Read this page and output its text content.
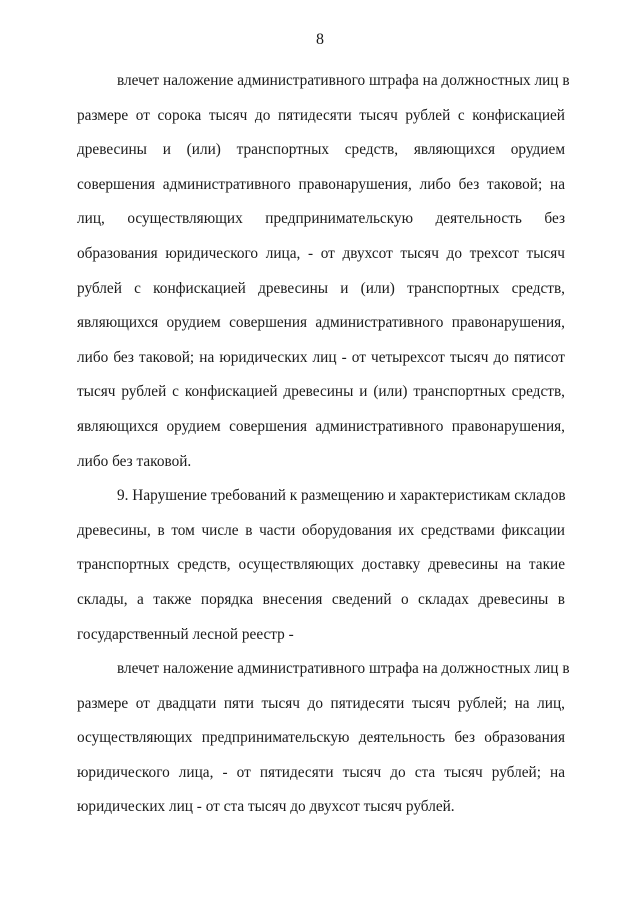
8

влечет наложение административного штрафа на должностных лиц в
размере от сорока тысяч до пятидесяти тысяч рублей с конфискацией
древесины и (или) транспортных средств, являющихся орудием
совершения административного правонарушения, либо без таковой; на
лиц, осуществляющих предпринимательскую деятельность без
образования юридического лица, - от двухсот тысяч до трехсот тысяч
рублей с конфискацией древесины и (или) транспортных средств,
являющихся орудием совершения административного правонарушения,
либо без таковой; на юридических лиц - от четырехсот тысяч до пятисот
тысяч рублей с конфискацией древесины и (или) транспортных средств,
являющихся орудием совершения административного правонарушения,
либо без таковой.

9. Нарушение требований к размещению и характеристикам складов
древесины, в том числе в части оборудования их средствами фиксации
транспортных средств, осуществляющих доставку древесины на такие
склады, а также порядка внесения сведений о складах древесины в
государственный лесной реестр -

влечет наложение административного штрафа на должностных лиц в
размере от двадцати пяти тысяч до пятидесяти тысяч рублей; на лиц,
осуществляющих предпринимательскую деятельность без образования
юридического лица, - от пятидесяти тысяч до ста тысяч рублей; на
юридических лиц - от ста тысяч до двухсот тысяч рублей.
